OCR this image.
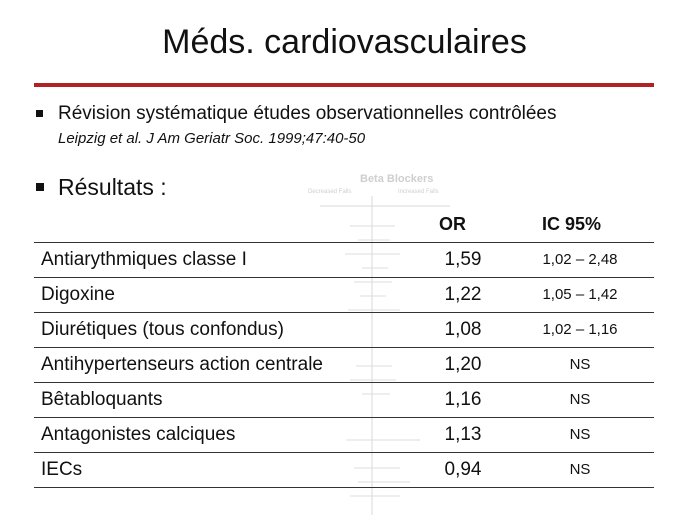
Méds. cardiovasculaires
Révision systématique études observationnelles contrôlées
Leipzig et al. J Am Geriatr Soc. 1999;47:40-50
Résultats :	Beta Blockers
Decreased Falls	Increased Falls
OR	IC 95%
Antiarythmiques classe I	1,59	1,02 – 2,48
Digoxine	1,22	1,05 – 1,42
Diurétiques (tous confondus)	1,08	1,02 – 1,16
Antihypertenseurs action centrale	1,20	NS
Bêtabloquants	1,16	NS
Antagonistes calciques	1,13	NS
IECs	0,94	NS
